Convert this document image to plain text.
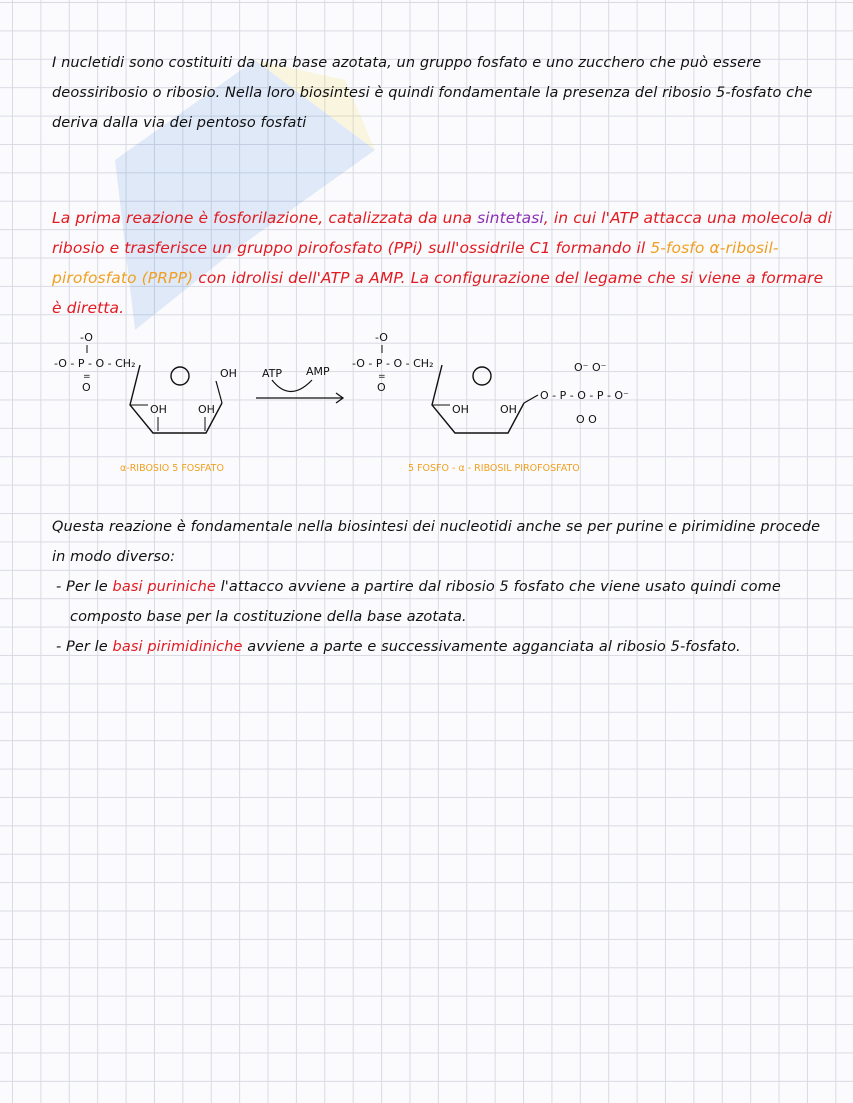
I nucletidi sono costituiti da una base azotata, un gruppo fosfato e uno zucchero che può essere deossiribosio o ribosio. Nella loro biosintesi è quindi fondamentale la presenza del ribosio 5-fosfato che deriva dalla via dei pentoso fosfati
La prima reazione è fosforilazione, catalizzata da una sintetasi, in cui l'ATP attacca una molecola di ribosio e trasferisce un gruppo pirofosfato (PPi) sull'ossidrile C1 formando il 5-fosfo α-ribosil-pirofosfato (PRPP) con idrolisi dell'ATP a AMP. La configurazione del legame che si viene a formare è diretta.
-O
-O - P - O - CH₂
=
O
OH
OH	OH
ATP AMP
-O
-O - P - O - CH₂
=
O
OH	OH
O⁻ O⁻
O - P - O - P - O⁻
O O
α-RIBOSIO 5 FOSFATO	5 FOSFO - α - RIBOSIL PIROFOSFATO
Questa reazione è fondamentale nella biosintesi dei nucleotidi anche se per purine e pirimidine procede in modo diverso:
- Per le basi puriniche l'attacco avviene a partire dal ribosio 5 fosfato che viene usato quindi come composto base per la costituzione della base azotata.
- Per le basi pirimidiniche avviene a parte e successivamente agganciata al ribosio 5-fosfato.
